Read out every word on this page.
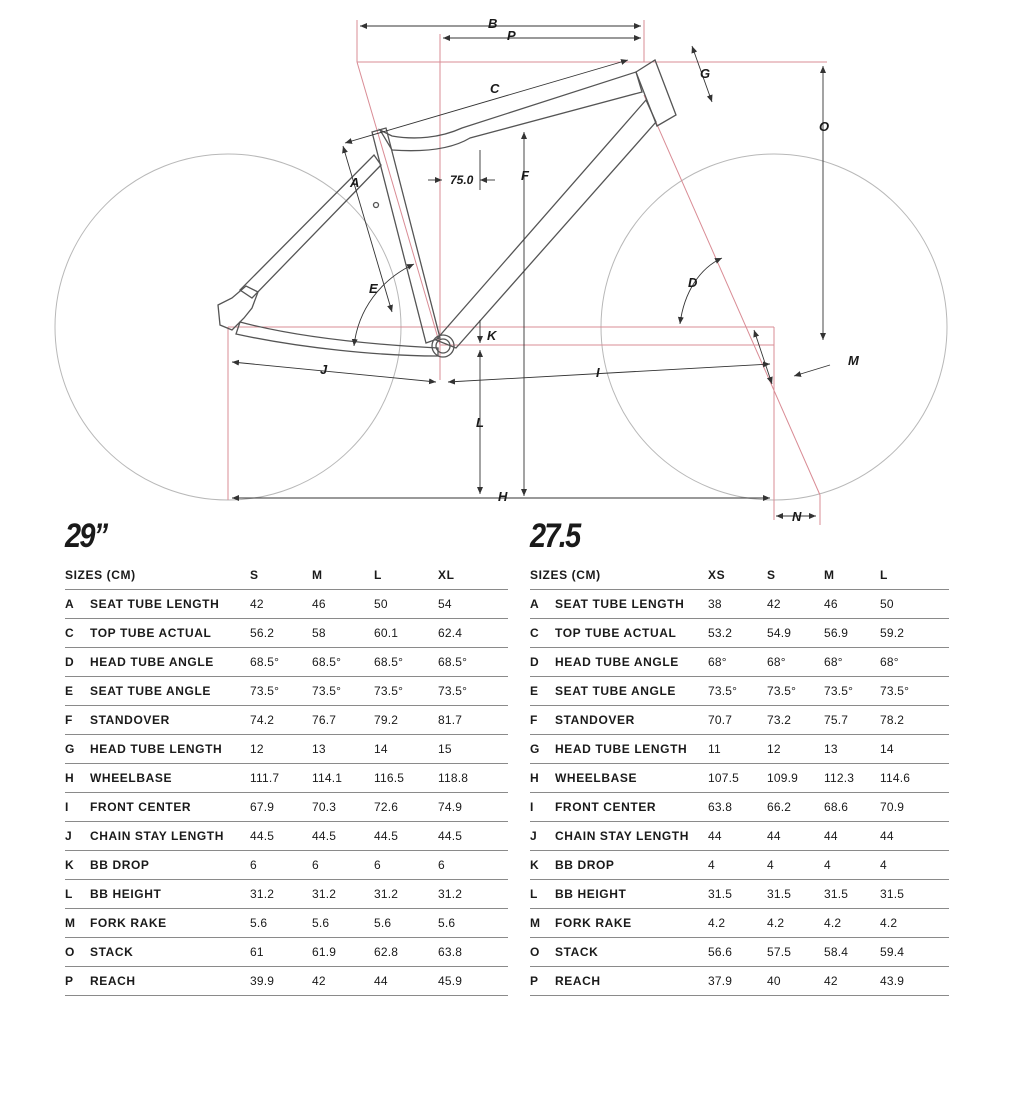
B
P
C
G
O
A	75.0	F
E	D
K
M
J	I
L
H
N
29”
SIZES (CM)	S	M	L	XL
A	SEAT TUBE LENGTH	42	46	50	54
C	TOP TUBE ACTUAL	56.2	58	60.1	62.4
D	HEAD TUBE ANGLE	68.5°	68.5°	68.5°	68.5°
E	SEAT TUBE ANGLE	73.5°	73.5°	73.5°	73.5°
F	STANDOVER	74.2	76.7	79.2	81.7
G	HEAD TUBE LENGTH	12	13	14	15
H	WHEELBASE	111.7	114.1	116.5	118.8
I	FRONT CENTER	67.9	70.3	72.6	74.9
J	CHAIN STAY LENGTH	44.5	44.5	44.5	44.5
K	BB DROP	6	6	6	6
L	BB HEIGHT	31.2	31.2	31.2	31.2
M	FORK RAKE	5.6	5.6	5.6	5.6
O	STACK	61	61.9	62.8	63.8
P	REACH	39.9	42	44	45.9
27.5
SIZES (CM)	XS	S	M	L
A	SEAT TUBE LENGTH	38	42	46	50
C	TOP TUBE ACTUAL	53.2	54.9	56.9	59.2
D	HEAD TUBE ANGLE	68°	68°	68°	68°
E	SEAT TUBE ANGLE	73.5°	73.5°	73.5°	73.5°
F	STANDOVER	70.7	73.2	75.7	78.2
G	HEAD TUBE LENGTH	11	12	13	14
H	WHEELBASE	107.5	109.9	112.3	114.6
I	FRONT CENTER	63.8	66.2	68.6	70.9
J	CHAIN STAY LENGTH	44	44	44	44
K	BB DROP	4	4	4	4
L	BB HEIGHT	31.5	31.5	31.5	31.5
M	FORK RAKE	4.2	4.2	4.2	4.2
O	STACK	56.6	57.5	58.4	59.4
P	REACH	37.9	40	42	43.9
